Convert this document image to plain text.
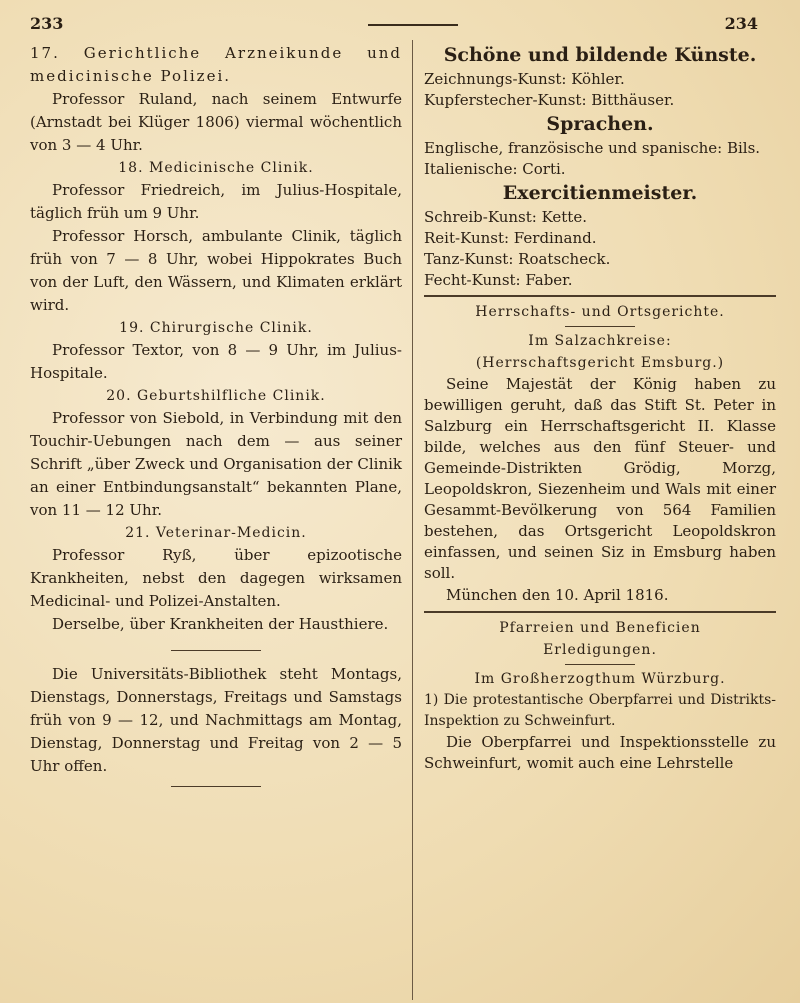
233	234

17. Gerichtliche Arzneikunde und medicinische Polizei.

Professor Ruland, nach seinem Entwurfe (Arnstadt bei Klüger 1806) viermal wöchentlich von 3 — 4 Uhr.

18. Medicinische Clinik.

Professor Friedreich, im Julius-Hospitale, täglich früh um 9 Uhr.

Professor Horsch, ambulante Clinik, täglich früh von 7 — 8 Uhr, wobei Hippokrates Buch von der Luft, den Wässern, und Klimaten erklärt wird.

19. Chirurgische Clinik.

Professor Textor, von 8 — 9 Uhr, im Julius-Hospitale.

20. Geburtshilfliche Clinik.

Professor von Siebold, in Verbindung mit den Touchir-Uebungen nach dem — aus seiner Schrift „über Zweck und Organisation der Clinik an einer Entbindungsanstalt“ bekannten Plane, von 11 — 12 Uhr.

21. Veterinar-Medicin.

Professor Ryß, über epizootische Krankheiten, nebst den dagegen wirksamen Medicinal- und Polizei-Anstalten.

Derselbe, über Krankheiten der Hausthiere.

Die Universitäts-Bibliothek steht Montags, Dienstags, Donnerstags, Freitags und Samstags früh von 9 — 12, und Nachmittags am Montag, Dienstag, Donnerstag und Freitag von 2 — 5 Uhr offen.

Schöne und bildende Künste.

Zeichnungs-Kunst: Köhler.

Kupferstecher-Kunst: Bitthäuser.

Sprachen.

Englische, französische und spanische: Bils.

Italienische: Corti.

Exercitienmeister.

Schreib-Kunst: Kette.

Reit-Kunst: Ferdinand.

Tanz-Kunst: Roatscheck.

Fecht-Kunst: Faber.

Herrschafts- und Ortsgerichte.

Im Salzachkreise:

(Herrschaftsgericht Emsburg.)

Seine Majestät der König haben zu bewilligen geruht, daß das Stift St. Peter in Salzburg ein Herrschaftsgericht II. Klasse bilde, welches aus den fünf Steuer- und Gemeinde-Distrikten Grödig, Morzg, Leopoldskron, Siezenheim und Wals mit einer Gesammt-Bevölkerung von 564 Familien bestehen, das Ortsgericht Leopoldskron einfassen, und seinen Siz in Emsburg haben soll.

München den 10. April 1816.

Pfarreien und Beneficien

Erledigungen.

Im Großherzogthum Würzburg.

1) Die protestantische Oberpfarrei und Distrikts-Inspektion zu Schweinfurt.

Die Oberpfarrei und Inspektionsstelle zu Schweinfurt, womit auch eine Lehrstelle
